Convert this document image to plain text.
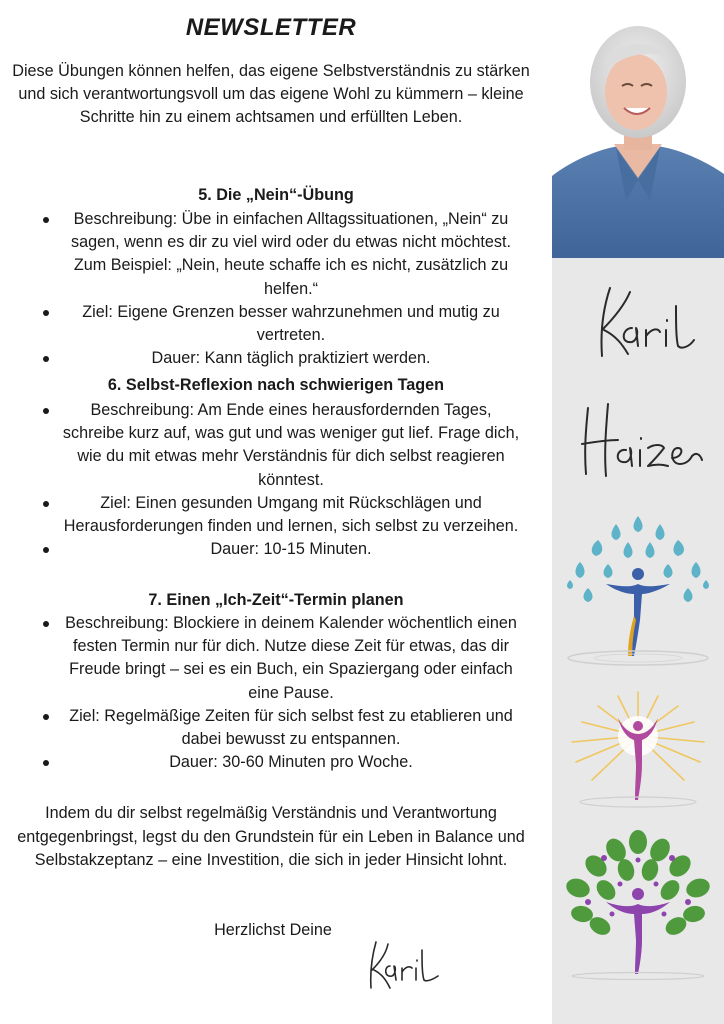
NEWSLETTER
Diese Übungen können helfen, das eigene Selbstverständnis zu stärken und sich verantwortungsvoll um das eigene Wohl zu kümmern – kleine Schritte hin zu einem achtsamen und erfüllten Leben.
5. Die „Nein“-Übung
Beschreibung: Übe in einfachen Alltagssituationen, „Nein“ zu sagen, wenn es dir zu viel wird oder du etwas nicht möchtest. Zum Beispiel: „Nein, heute schaffe ich es nicht, zusätzlich zu helfen.“
Ziel: Eigene Grenzen besser wahrzunehmen und mutig zu vertreten.
Dauer: Kann täglich praktiziert werden.
6. Selbst-Reflexion nach schwierigen Tagen
Beschreibung: Am Ende eines herausfordernden Tages, schreibe kurz auf, was gut und was weniger gut lief. Frage dich, wie du mit etwas mehr Verständnis für dich selbst reagieren könntest.
Ziel: Einen gesunden Umgang mit Rückschlägen und Herausforderungen finden und lernen, sich selbst zu verzeihen.
Dauer: 10-15 Minuten.
7. Einen „Ich-Zeit“-Termin planen
Beschreibung: Blockiere in deinem Kalender wöchentlich einen festen Termin nur für dich. Nutze diese Zeit für etwas, das dir Freude bringt – sei es ein Buch, ein Spaziergang oder einfach eine Pause.
Ziel: Regelmäßige Zeiten für sich selbst fest zu etablieren und dabei bewusst zu entspannen.
Dauer: 30-60 Minuten pro Woche.
Indem du dir selbst regelmäßig Verständnis und Verantwortung entgegenbringst, legst du den Grundstein für ein Leben in Balance und Selbstakzeptanz – eine Investition, die sich in jeder Hinsicht lohnt.
Herzlichst Deine
